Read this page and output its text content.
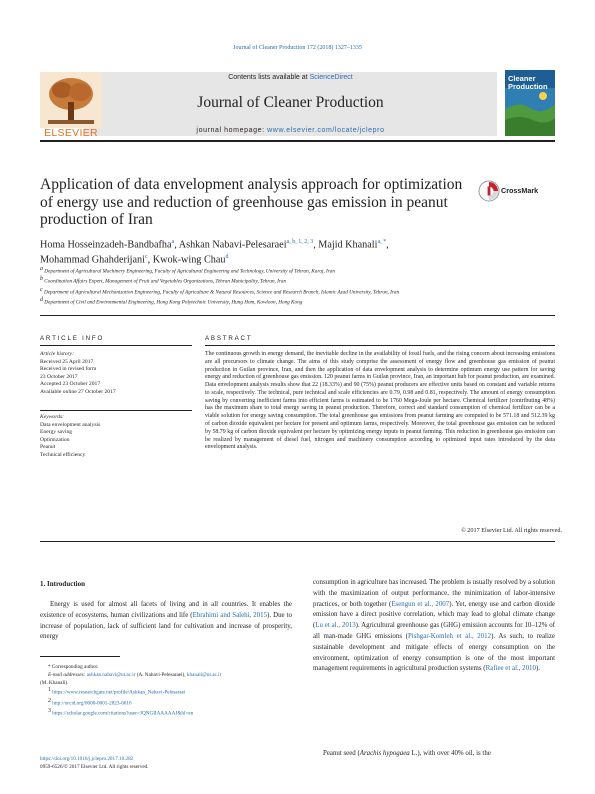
Journal of Cleaner Production 172 (2018) 1327–1335
Contents lists available at ScienceDirect
Journal of Cleaner Production
journal homepage: www.elsevier.com/locate/jclepro
ELSEVIER
Cleaner
Production
Application of data envelopment analysis approach for optimization of energy use and reduction of greenhouse gas emission in peanut production of Iran
CrossMark
Homa Hosseinzadeh-Bandbafha$^a$, Ashkan Nabavi-Pelesaraei$^{a, b, 1, 2, 3}$, Majid Khanali$^{a, *}$,
Mohammad Ghahderijani$^c$, Kwok-wing Chau$^d$
$^a$ Department of Agricultural Machinery Engineering, Faculty of Agricultural Engineering and Technology, University of Tehran, Karaj, Iran
$^b$ Coordination Affairs Expert, Management of Fruit and Vegetables Organizations, Tehran Municipality, Tehran, Iran
$^c$ Department of Agricultural Mechanization Engineering, Faculty of Agriculture & Natural Resources, Science and Research Branch, Islamic Azad University, Tehran, Iran
$^d$ Department of Civil and Environmental Engineering, Hong Kong Polytechnic University, Hung Hom, Kowloon, Hong Kong
ARTICLE INFO
Article history:
Received 25 April 2017
Received in revised form
23 October 2017
Accepted 23 October 2017
Available online 27 October 2017
Keywords:
Data envelopment analysis
Energy saving
Optimization
Peanut
Technical efficiency
ABSTRACT
The continuous growth in energy demand, the inevitable decline in the availability of fossil fuels, and the rising concern about increasing emissions are all precursors to climate change. The aims of this study comprise the assessment of energy flow and greenhouse gas emission of peanut production in Guilan province, Iran, and then the application of data envelopment analysis to determine optimum energy use pattern for saving energy and reduction of greenhouse gas emission. 120 peanut farms in Guilan province, Iran, an important hub for peanut production, are examined. Data envelopment analysis results show that 22 (18.33%) and 90 (75%) peanut producers are effective units based on constant and variable returns to scale, respectively. The technical, pure technical and scale efficiencies are 0.79, 0.98 and 0.81, respectively. The amount of energy consumption saving by converting inefficient farms into efficient farms is estimated to be 1760 Mega-Joule per hectare. Chemical fertilizer (contributing 48%) has the maximum share to total energy saving in peanut production. Therefore, correct and standard consumption of chemical fertilizer can be a viable solution for energy saving consumption. The total greenhouse gas emissions from peanut farming are computed to be 571.18 and 512.39 kg of carbon dioxide equivalent per hectare for present and optimum farms, respectively. Moreover, the total greenhouse gas emission can be reduced by 58.79 kg of carbon dioxide equivalent per hectare by optimizing energy inputs in peanut farming. This reduction in greenhouse gas emission can be realized by management of diesel fuel, nitrogen and machinery consumption according to optimized input rates introduced by the data envelopment analysis.
© 2017 Elsevier Ltd. All rights reserved.
1. Introduction
Energy is used for almost all facets of living and in all countries. It enables the existence of ecosystems, human civilizations and life (Ebrahimi and Salehi, 2015). Due to increase of population, lack of sufficient land for cultivation and increase of prosperity, energy
consumption in agriculture has increased. The problem is usually resolved by a solution with the maximization of output performance, the minimization of labor-intensive practices, or both together (Esengun et al., 2007). Yet, energy use and carbon dioxide emission have a direct positive correlation, which may lead to global climate change (Lu et al., 2013). Agricultural greenhouse gas (GHG) emission accounts for 10–12% of all man-made GHG emissions (Pishgar-Komleh et al., 2012). As such, to realize sustainable development and mitigate effects of energy consumption on the environment, optimization of energy consumption is one of the most important management requirements in agricultural production systems (Rafiee et al., 2010).
Peanut seed (Arachis hypogaea L.), with over 40% oil, is the
* Corresponding author.
E-mail addresses: ashkan.nabavi@ut.ac.ir (A. Nabavi-Pelesaraei), khanali@ut.ac.ir
(M. Khanali).
$^1$ https://www.researchgate.net/profile/Ashkan_Nabavi-Pelesaraei
$^2$ http://orcid.org/0000-0001-2823-6616
$^3$ https://scholar.google.com/citations?user=JQNGIIAAAAAJ&hl=en
https://doi.org/10.1016/j.jclepro.2017.10.282
0959-6526/© 2017 Elsevier Ltd. All rights reserved.
